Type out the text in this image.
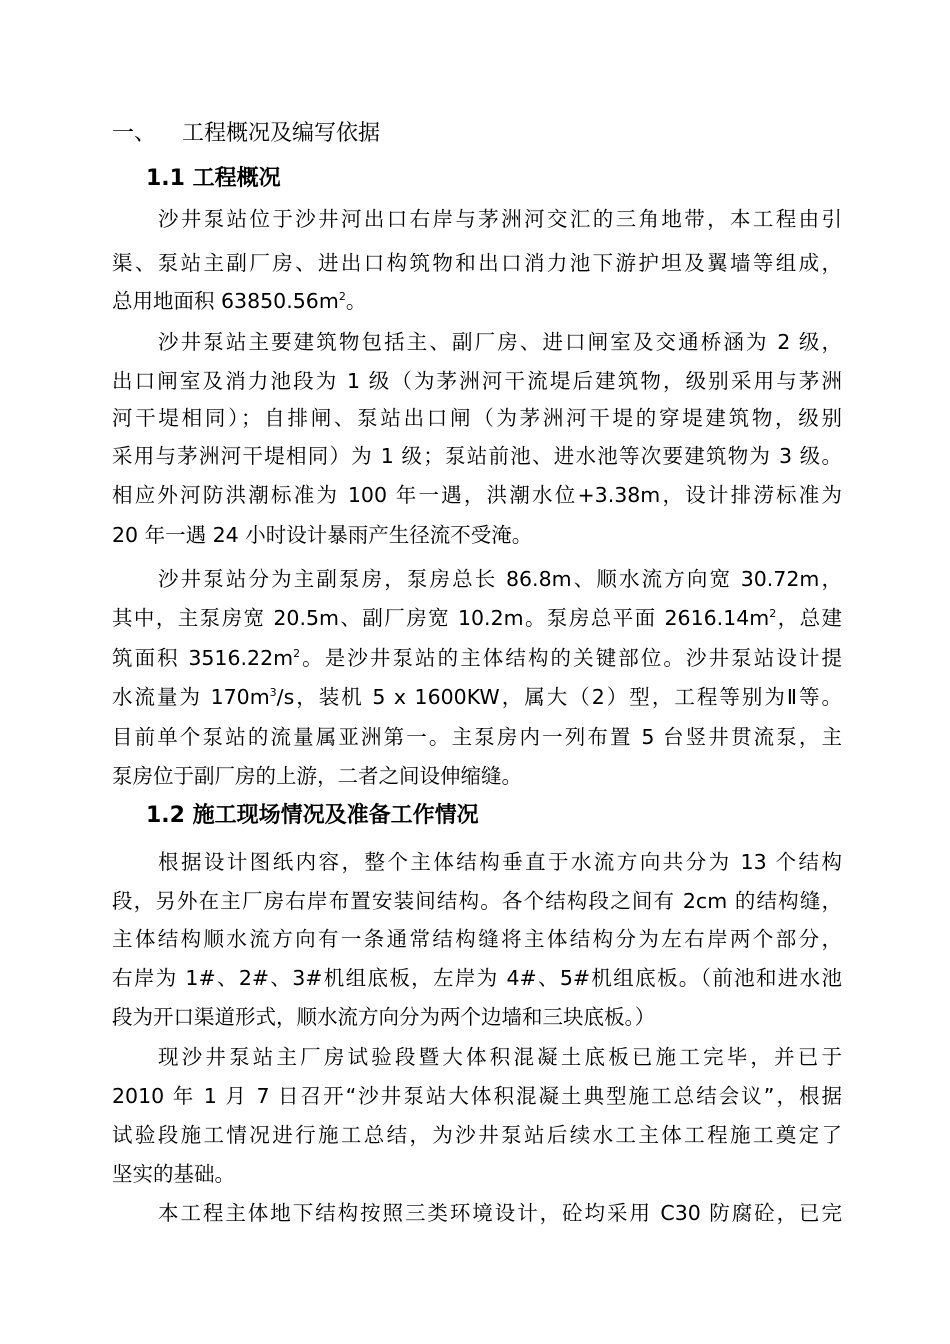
一、 工程概况及编写依据
1.1 工程概况
沙井泵站位于沙井河出口右岸与茅洲河交汇的三角地带，本工程由引
渠、泵站主副厂房、进出口构筑物和出口消力池下游护坦及翼墙等组成，
总用地面积 $63850.56m^2$。
沙井泵站主要建筑物包括主、副厂房、进口闸室及交通桥涵为 2 级，
出口闸室及消力池段为 1 级（为茅洲河干流堤后建筑物，级别采用与茅洲
河干堤相同）；自排闸、泵站出口闸（为茅洲河干堤的穿堤建筑物，级别
采用与茅洲河干堤相同）为 1 级；泵站前池、进水池等次要建筑物为 3 级。
相应外河防洪潮标准为 100 年一遇，洪潮水位+3.38m，设计排涝标准为
20 年一遇 24 小时设计暴雨产生径流不受淹。
沙井泵站分为主副泵房，泵房总长 86.8m、顺水流方向宽 30.72m，
其中，主泵房宽 20.5m、副厂房宽 10.2m。泵房总平面 $2616.14m^2$，总建
筑面积 $3516.22m^2$。是沙井泵站的主体结构的关键部位。沙井泵站设计提
水流量为 $170m^3/s$，装机 5 x 1600KW，属大（2）型，工程等别为Ⅱ等。
目前单个泵站的流量属亚洲第一。主泵房内一列布置 5 台竖井贯流泵，主
泵房位于副厂房的上游，二者之间设伸缩缝。
1.2 施工现场情况及准备工作情况
根据设计图纸内容，整个主体结构垂直于水流方向共分为 13 个结构
段，另外在主厂房右岸布置安装间结构。各个结构段之间有 2cm 的结构缝，
主体结构顺水流方向有一条通常结构缝将主体结构分为左右岸两个部分，
右岸为 1#、2#、3#机组底板，左岸为 4#、5#机组底板。（前池和进水池
段为开口渠道形式，顺水流方向分为两个边墙和三块底板。）
现沙井泵站主厂房试验段暨大体积混凝土底板已施工完毕，并已于
2010 年 1 月 7 日召开“沙井泵站大体积混凝土典型施工总结会议”，根据
试验段施工情况进行施工总结，为沙井泵站后续水工主体工程施工奠定了
坚实的基础。
本工程主体地下结构按照三类环境设计，砼均采用 C30 防腐砼，已完
